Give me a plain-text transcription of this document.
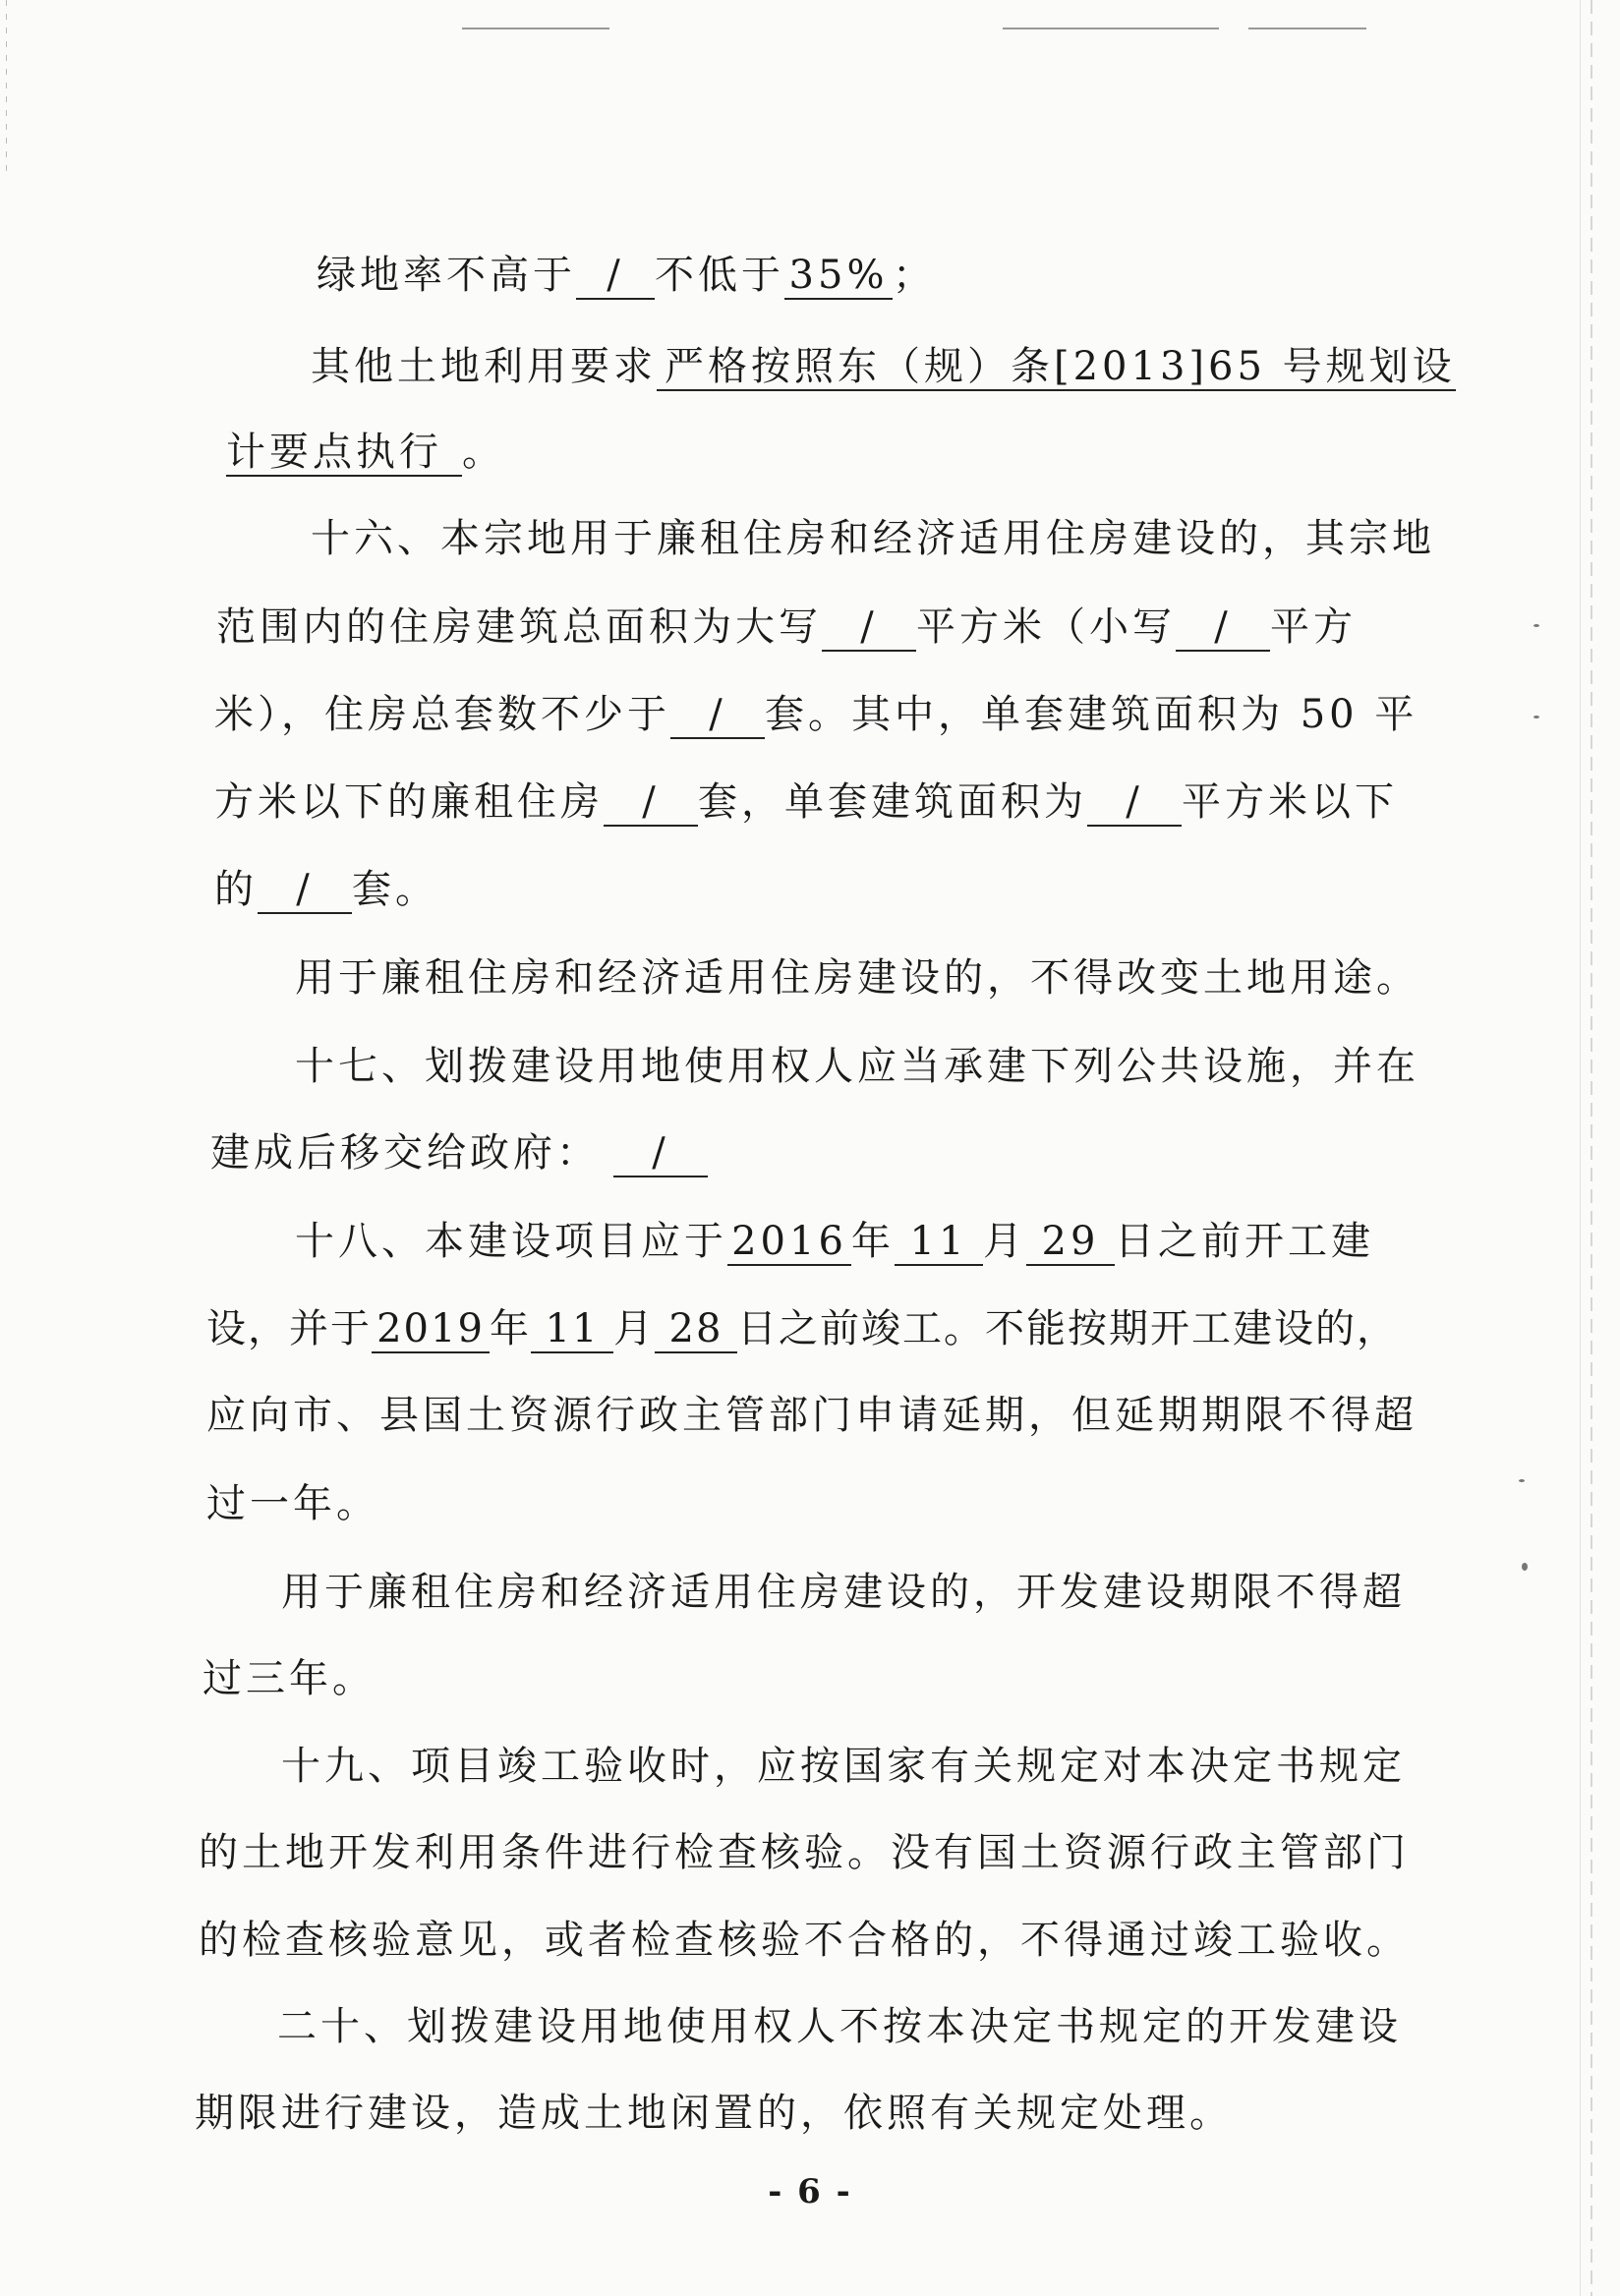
绿地率不高于 / 不低于 35% ；
其他土地利用要求 严格按照东（规）条[2013]65 号规划设
计要点执行 。
十六、本宗地用于廉租住房和经济适用住房建设的，其宗地
范围内的住房建筑总面积为大写 / 平方米（小写 / 平方
米），住房总套数不少于 / 套。其中，单套建筑面积为 50 平
方米以下的廉租住房 / 套，单套建筑面积为 / 平方米以下
的 / 套。
用于廉租住房和经济适用住房建设的，不得改变土地用途。
十七、划拨建设用地使用权人应当承建下列公共设施，并在
建成后移交给政府： /
十八、本建设项目应于 2016 年 11 月 29 日之前开工建
设，并于 2019 年 11 月 28 日之前竣工。不能按期开工建设的，
应向市、县国土资源行政主管部门申请延期，但延期期限不得超
过一年。
用于廉租住房和经济适用住房建设的，开发建设期限不得超
过三年。
十九、项目竣工验收时，应按国家有关规定对本决定书规定
的土地开发利用条件进行检查核验。没有国土资源行政主管部门
的检查核验意见，或者检查核验不合格的，不得通过竣工验收。
二十、划拨建设用地使用权人不按本决定书规定的开发建设
期限进行建设，造成土地闲置的，依照有关规定处理。
- 6 -
